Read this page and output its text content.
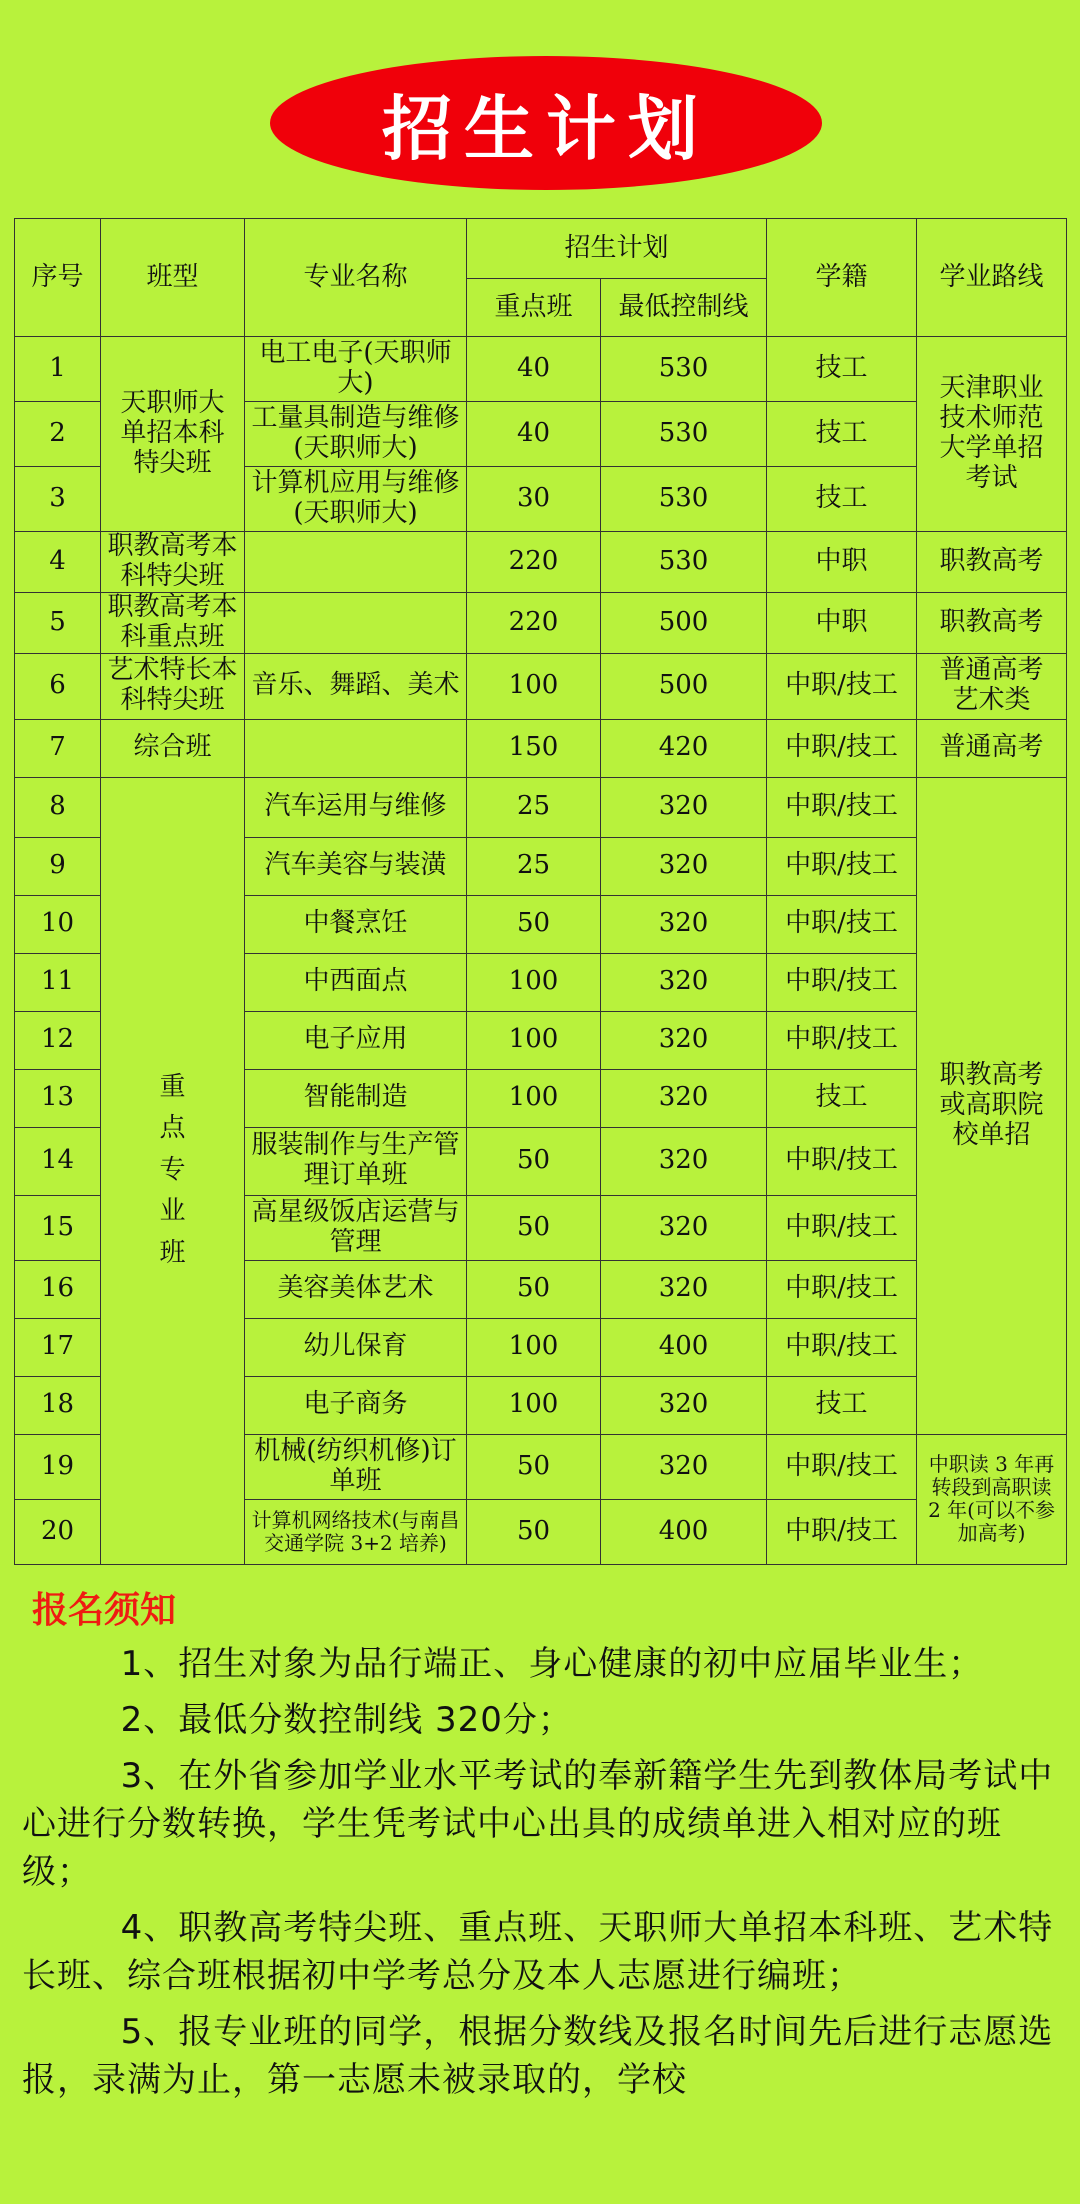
招生计划
序号	班型	专业名称	招生计划		学籍	学业路线
			重点班	最低控制线		
1	天职师大单招本科特尖班	电工电子(天职师大)	40	530	技工	天津职业技术师范大学单招考试
2		工量具制造与维修(天职师大)	40	530	技工	
3		计算机应用与维修(天职师大)	30	530	技工	
4	职教高考本科特尖班		220	530	中职	职教高考
5	职教高考本科重点班		220	500	中职	职教高考
6	艺术特长本科特尖班	音乐、舞蹈、美术	100	500	中职/技工	普通高考艺术类
7	综合班		150	420	中职/技工	普通高考
8	重点专业班	汽车运用与维修	25	320	中职/技工	职教高考或高职院校单招
9		汽车美容与装潢	25	320	中职/技工	
10		中餐烹饪	50	320	中职/技工	
11		中西面点	100	320	中职/技工	
12		电子应用	100	320	中职/技工	
13		智能制造	100	320	技工	
14		服装制作与生产管理订单班	50	320	中职/技工	
15		高星级饭店运营与管理	50	320	中职/技工	
16		美容美体艺术	50	320	中职/技工	
17		幼儿保育	100	400	中职/技工	
18		电子商务	100	320	技工	
19		机械(纺织机修)订单班	50	320	中职/技工	中职读 3 年再转段到高职读 2 年(可以不参加高考)
20		计算机网络技术(与南昌交通学院 3+2 培养)	50	400	中职/技工	
报名须知

1、招生对象为品行端正、身心健康的初中应届毕业生；

2、最低分数控制线 320分；

3、在外省参加学业水平考试的奉新籍学生先到教体局考试中心进行分数转换，学生凭考试中心出具的成绩单进入相对应的班级；

4、职教高考特尖班、重点班、天职师大单招本科班、艺术特长班、综合班根据初中学考总分及本人志愿进行编班；

5、报专业班的同学，根据分数线及报名时间先后进行志愿选报，录满为止，第一志愿未被录取的，学校
